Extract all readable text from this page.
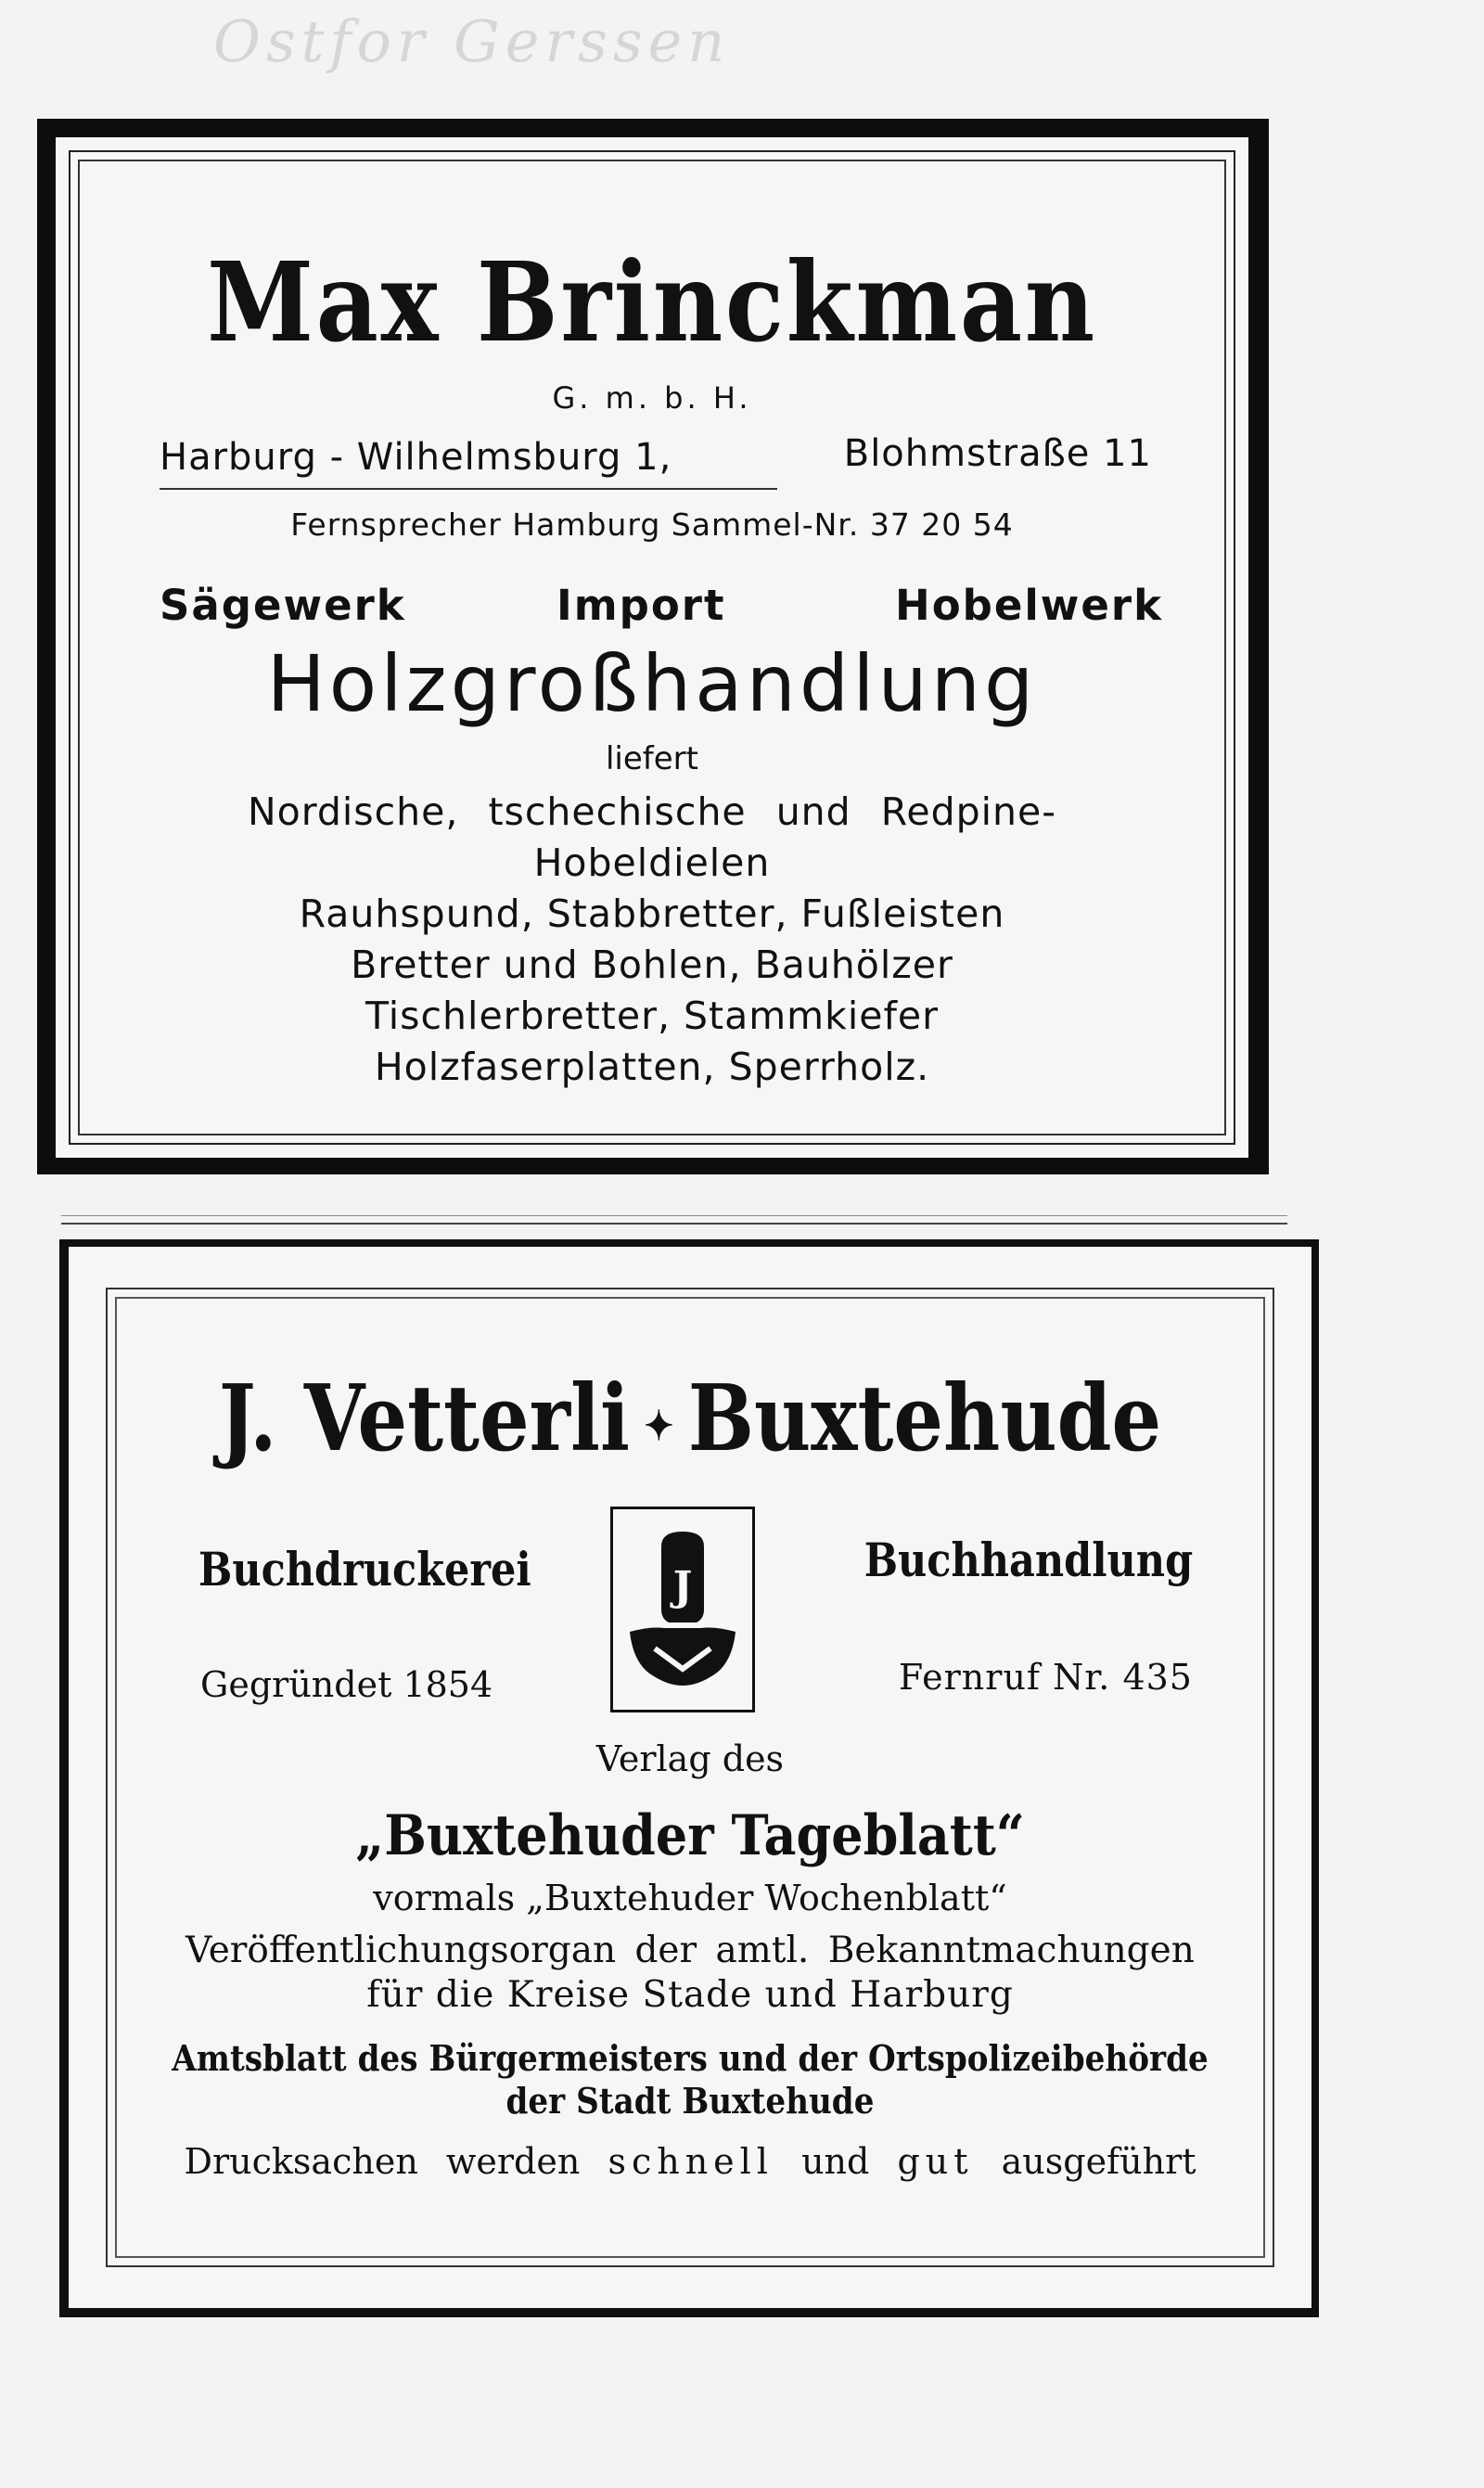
Ostfor Gerssen
Max Brinckman
G. m. b. H.
Harburg - Wilhelmsburg 1,	Blohmstraße 11
Fernsprecher Hamburg Sammel-Nr. 37 20 54
Sägewerk	Import	Hobelwerk
Holzgroßhandlung
liefert
Nordische, tschechische und Redpine-
Hobeldielen
Rauhspund, Stabbretter, Fußleisten
Bretter und Bohlen, Bauhölzer
Tischlerbretter, Stammkiefer
Holzfaserplatten, Sperrholz.
J. Vetterli ✦ Buxtehude
Buchdruckerei	Buchhandlung
Gegründet 1854	Fernruf Nr. 435
J
Verlag des
„Buxtehuder Tageblatt“
vormals „Buxtehuder Wochenblatt“
Veröffentlichungsorgan der amtl. Bekanntmachungen
für die Kreise Stade und Harburg
Amtsblatt des Bürgermeisters und der Ortspolizeibehörde
der Stadt Buxtehude
Drucksachen werden schnell und gut ausgeführt
